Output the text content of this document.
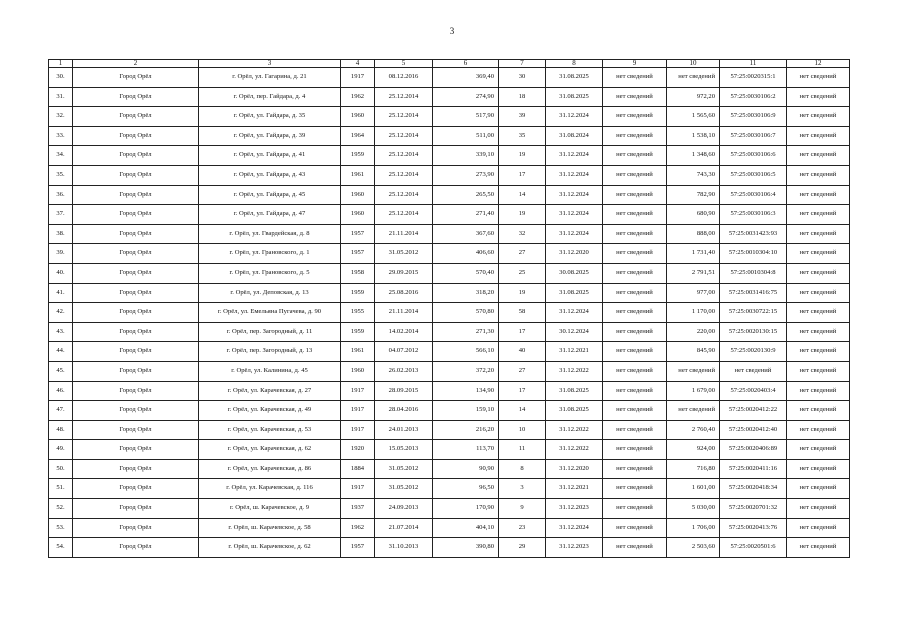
3
1	2	3	4	5	6	7	8	9	10	11	12
30.	Город Орёл	г. Орёл, ул. Гагарина, д. 21	1917	08.12.2016	369,40	30	31.08.2025	нет сведений	нет сведений	57:25:0020315:1	нет сведений
31.	Город Орёл	г. Орёл, пер. Гайдара, д. 4	1962	25.12.2014	274,90	18	31.08.2025	нет сведений	972,20	57:25:0030106:2	нет сведений
32.	Город Орёл	г. Орёл, ул. Гайдара, д. 35	1960	25.12.2014	517,90	39	31.12.2024	нет сведений	1 565,60	57:25:0030106:9	нет сведений
33.	Город Орёл	г. Орёл, ул. Гайдара, д. 39	1964	25.12.2014	511,00	35	31.08.2024	нет сведений	1 538,10	57:25:0030106:7	нет сведений
34.	Город Орёл	г. Орёл, ул. Гайдара, д. 41	1959	25.12.2014	339,10	19	31.12.2024	нет сведений	1 348,60	57:25:0030106:6	нет сведений
35.	Город Орёл	г. Орёл, ул. Гайдара, д. 43	1961	25.12.2014	273,90	17	31.12.2024	нет сведений	743,30	57:25:0030106:5	нет сведений
36.	Город Орёл	г. Орёл, ул. Гайдара, д. 45	1960	25.12.2014	265,50	14	31.12.2024	нет сведений	782,90	57:25:0030106:4	нет сведений
37.	Город Орёл	г. Орёл, ул. Гайдара, д. 47	1960	25.12.2014	271,40	19	31.12.2024	нет сведений	680,90	57:25:0030106:3	нет сведений
38.	Город Орёл	г. Орёл, ул. Гвардейская, д. 8	1957	21.11.2014	367,60	32	31.12.2024	нет сведений	888,00	57:25:0031423:93	нет сведений
39.	Город Орёл	г. Орёл, ул. Грановского, д. 1	1957	31.05.2012	406,60	27	31.12.2020	нет сведений	1 731,40	57:25:0010304:10	нет сведений
40.	Город Орёл	г. Орёл, ул. Грановского, д. 5	1958	29.09.2015	570,40	25	30.08.2025	нет сведений	2 791,51	57:25:0010304:8	нет сведений
41.	Город Орёл	г. Орёл, ул. Деповская, д. 13	1959	25.08.2016	318,20	19	31.08.2025	нет сведений	977,00	57:25:0031416:75	нет сведений
42.	Город Орёл	г. Орёл, ул. Емельяна Пугачева, д. 90	1955	21.11.2014	570,80	58	31.12.2024	нет сведений	1 170,00	57:25:0030722:15	нет сведений
43.	Город Орёл	г. Орёл, пер. Загородный, д. 11	1959	14.02.2014	271,30	17	30.12.2024	нет сведений	220,00	57:25:0020130:15	нет сведений
44.	Город Орёл	г. Орёл, пер. Загородный, д. 13	1961	04.07.2012	566,10	40	31.12.2021	нет сведений	845,90	57:25:0020130:9	нет сведений
45.	Город Орёл	г. Орёл, ул. Калинина, д. 45	1960	26.02.2013	372,20	27	31.12.2022	нет сведений	нет сведений	нет сведений	нет сведений
46.	Город Орёл	г. Орёл, ул. Карачевская, д. 27	1917	28.09.2015	134,90	17	31.08.2025	нет сведений	1 679,00	57:25:0020403:4	нет сведений
47.	Город Орёл	г. Орёл, ул. Карачевская, д. 49	1917	28.04.2016	159,10	14	31.08.2025	нет сведений	нет сведений	57:25:0020412:22	нет сведений
48.	Город Орёл	г. Орёл, ул. Карачевская, д. 53	1917	24.01.2013	216,20	10	31.12.2022	нет сведений	2 760,40	57:25:0020412:40	нет сведений
49.	Город Орёл	г. Орёл, ул. Карачевская, д. 62	1920	15.05.2013	113,70	11	31.12.2022	нет сведений	924,00	57:25:0020406:89	нет сведений
50.	Город Орёл	г. Орёл, ул. Карачевская, д. 86	1884	31.05.2012	90,90	8	31.12.2020	нет сведений	716,80	57:25:0020411:16	нет сведений
51.	Город Орёл	г. Орёл, ул. Карачевская, д. 116	1917	31.05.2012	96,50	3	31.12.2021	нет сведений	1 601,00	57:25:0020418:34	нет сведений
52.	Город Орёл	г. Орёл, ш. Карачевское, д. 9	1937	24.09.2013	170,90	9	31.12.2023	нет сведений	5 030,00	57:25:0020701:32	нет сведений
53.	Город Орёл	г. Орёл, ш. Карачевское, д. 58	1962	21.07.2014	404,10	23	31.12.2024	нет сведений	1 706,00	57:25:0020413:76	нет сведений
54.	Город Орёл	г. Орёл, ш. Карачевское, д. 62	1957	31.10.2013	390,80	29	31.12.2023	нет сведений	2 503,60	57:25:0020501:6	нет сведений
